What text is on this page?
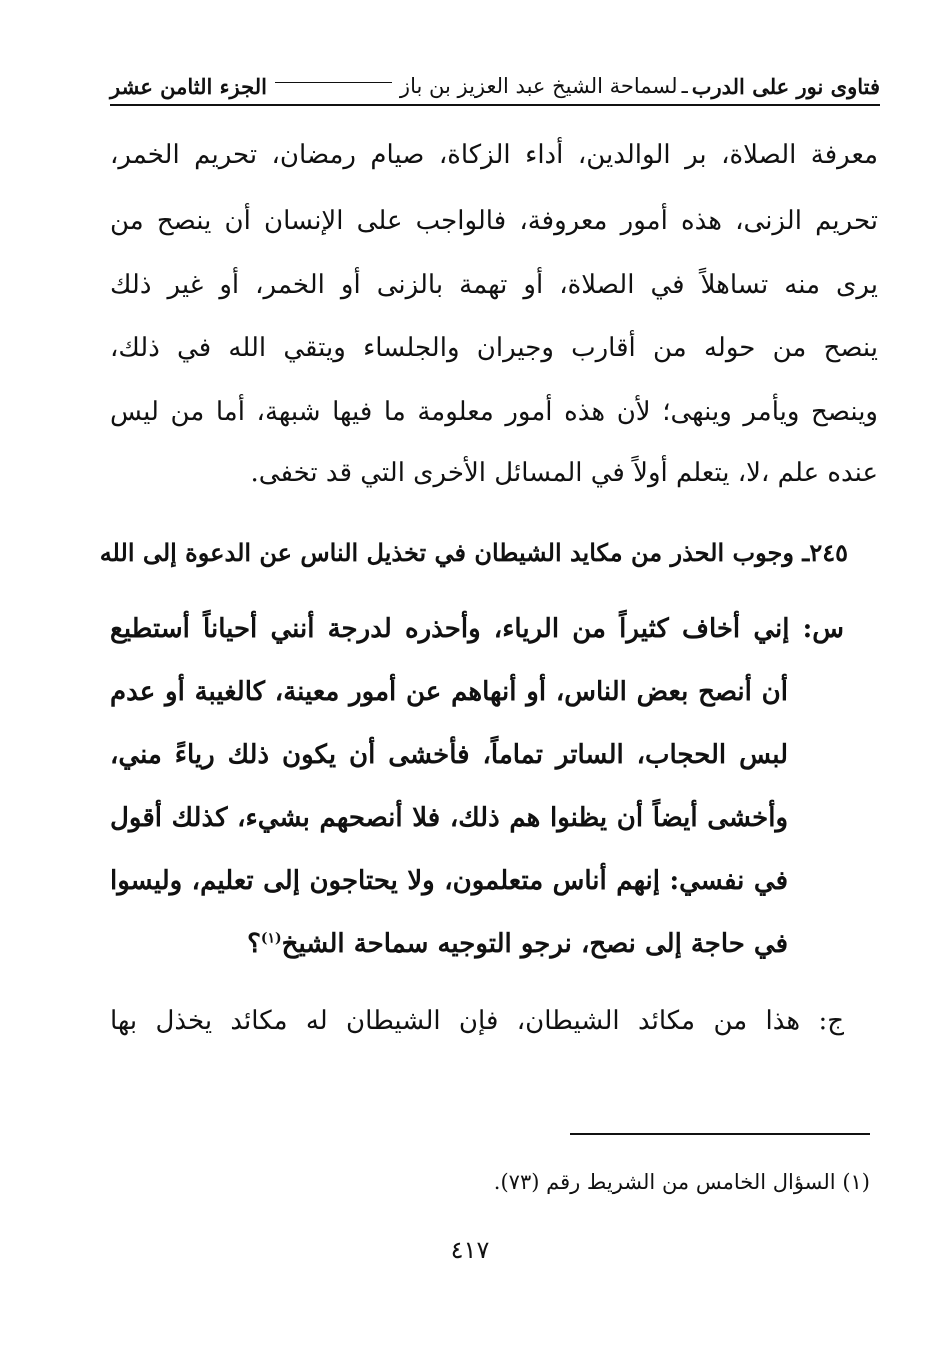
فتاوى نور على الدرب
ـ
لسماحة الشيخ عبد العزيز بن باز
الجزء الثامن عشر
معرفة الصلاة، بر الوالدين، أداء الزكاة، صيام رمضان، تحريم الخمر،
تحريم الزنى، هذه أمور معروفة، فالواجب على الإنسان أن ينصح من
يرى منه تساهلاً في الصلاة، أو تهمة بالزنى أو الخمر، أو غير ذلك
ينصح من حوله من أقارب وجيران والجلساء ويتقي الله في ذلك،
وينصح ويأمر وينهى؛ لأن هذه أمور معلومة ما فيها شبهة، أما من ليس
عنده علم ،لا، يتعلم أولاً في المسائل الأخرى التي قد تخفى.
٢٤٥ـ وجوب الحذر من مكايد الشيطان في تخذيل الناس عن الدعوة إلى الله
س: إني أخاف كثيراً من الرياء، وأحذره لدرجة أنني أحياناً أستطيع
أن أنصح بعض الناس، أو أنهاهم عن أمور معينة، كالغيبة أو عدم
لبس الحجاب، الساتر تماماً، فأخشى أن يكون ذلك رياءً مني،
وأخشى أيضاً أن يظنوا هم ذلك، فلا أنصحهم بشيء، كذلك أقول
في نفسي: إنهم أناس متعلمون، ولا يحتاجون إلى تعليم، وليسوا
في حاجة إلى نصح، نرجو التوجيه سماحة الشيخ$^{(١)}$؟
ج: هذا من مكائد الشيطان، فإن الشيطان له مكائد يخذل بها
(١) السؤال الخامس من الشريط رقم (٧٣).
٤١٧
